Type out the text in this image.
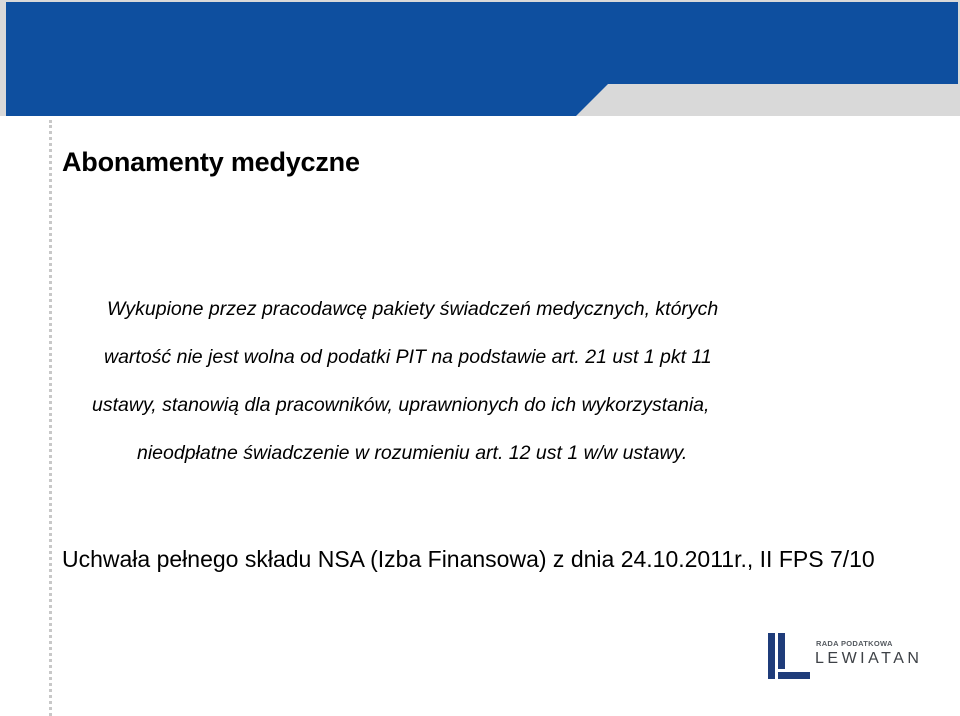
Abonamenty medyczne

Wykupione przez pracodawcę pakiety świadczeń medycznych, których

wartość nie jest wolna od podatki PIT na podstawie art. 21 ust 1 pkt 11

ustawy, stanowią dla pracowników, uprawnionych do ich wykorzystania,

nieodpłatne świadczenie w rozumieniu art. 12 ust 1 w/w ustawy.

Uchwała pełnego składu NSA (Izba Finansowa) z dnia 24.10.2011r., II FPS 7/10

RADA PODATKOWA
LEWIATAN
